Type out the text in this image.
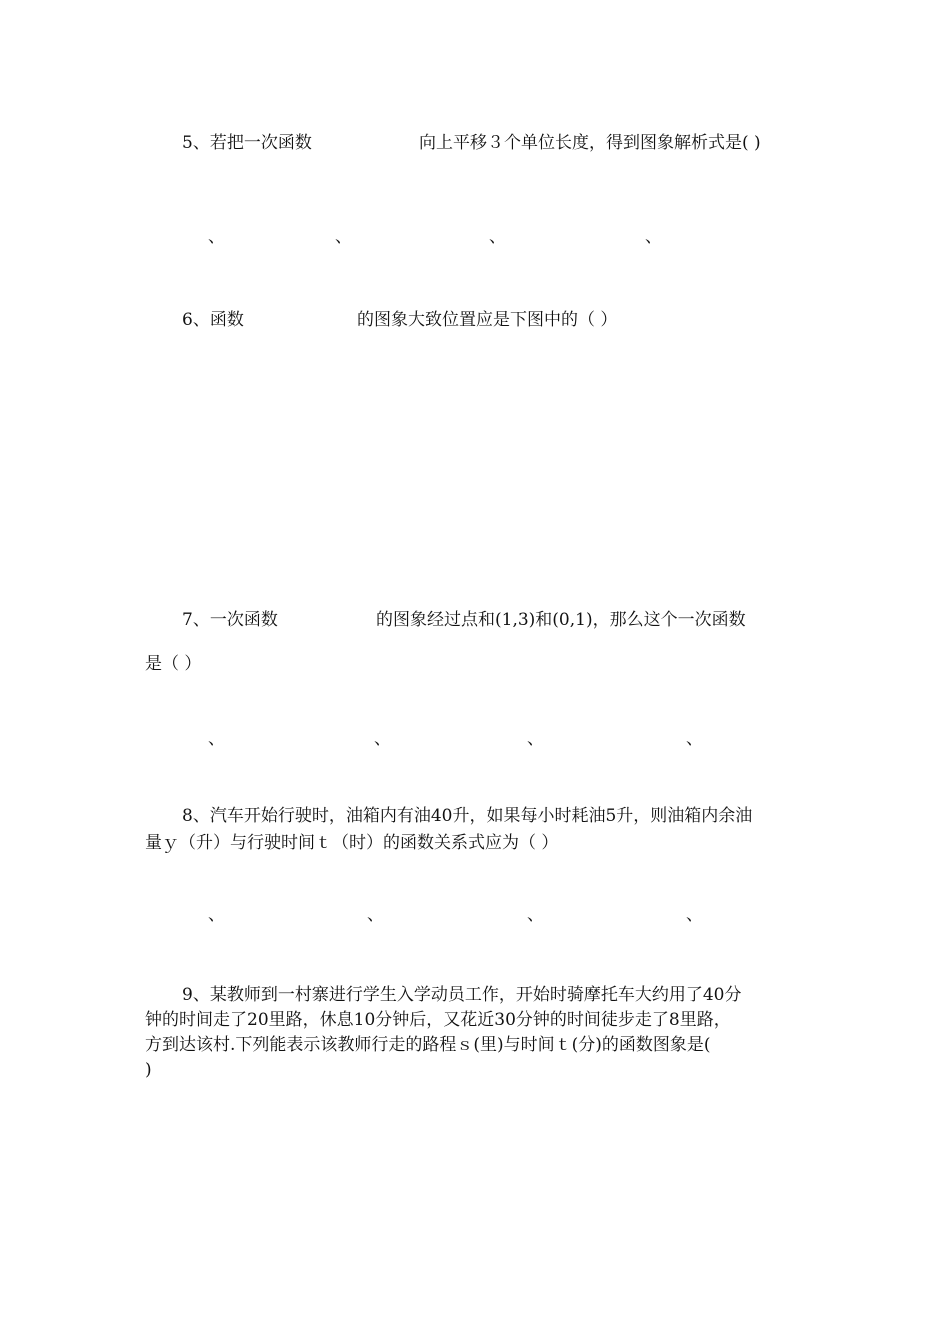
5、若把一次函数	向上平移３个单位长度，得到图象解析式是( )
、	、	、	、
6、函数	的图象大致位置应是下图中的（ ）
7、一次函数	的图象经过点和(1,3)和(0,1)，那么这个一次函数
是（ ）
、	、	、	、
8、汽车开始行驶时，油箱内有油40升，如果每小时耗油5升，则油箱内余油
量ｙ（升）与行驶时间ｔ（时）的函数关系式应为（ ）
、	、	、	、
9、某教师到一村寨进行学生入学动员工作，开始时骑摩托车大约用了40分
钟的时间走了20里路，休息10分钟后，又花近30分钟的时间徒步走了8里路，
方到达该村.下列能表示该教师行走的路程ｓ(里)与时间ｔ(分)的函数图象是(
)
